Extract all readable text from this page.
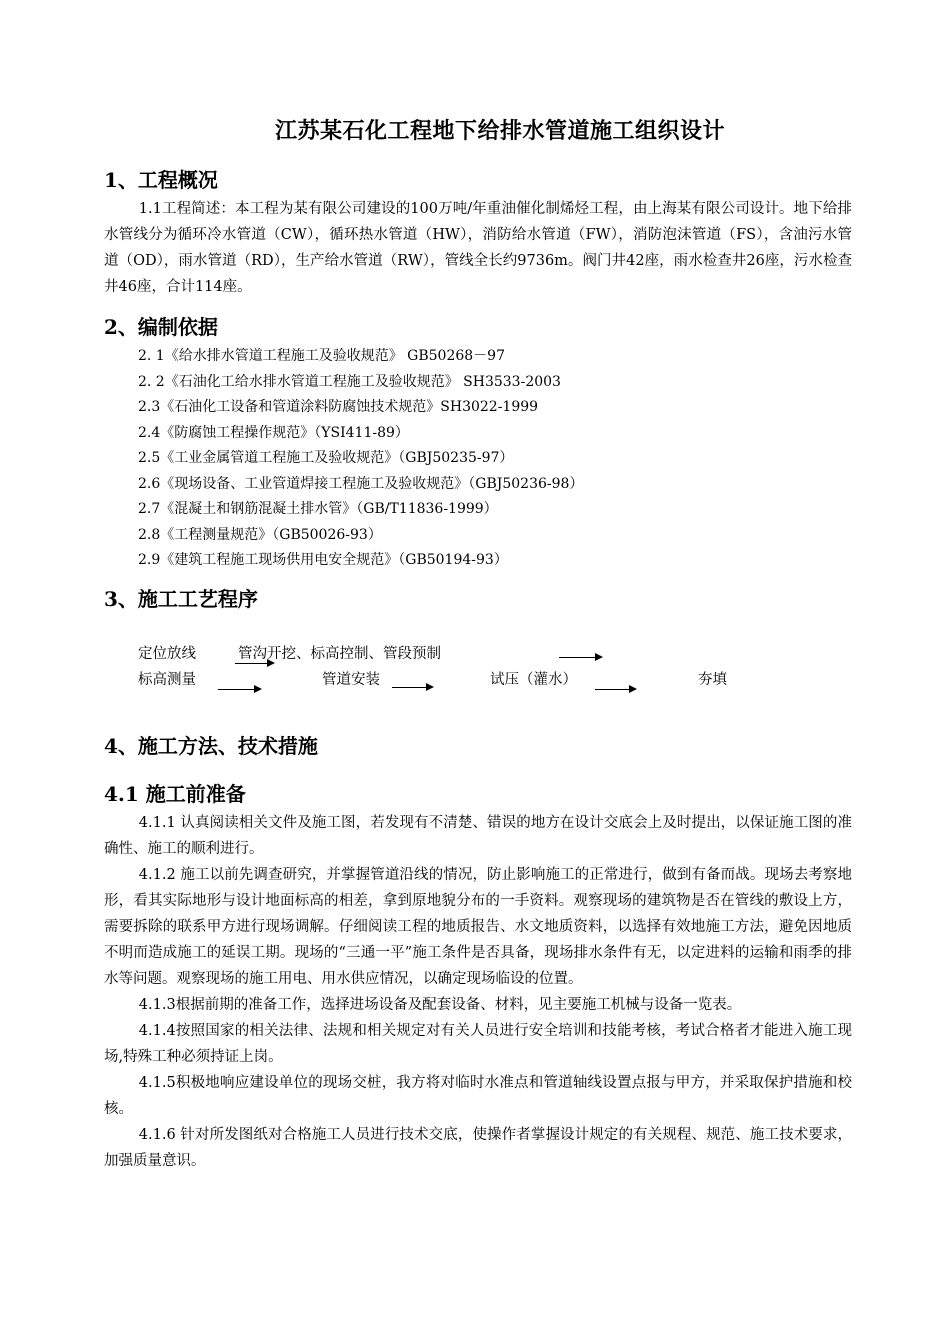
江苏某石化工程地下给排水管道施工组织设计
1、工程概况

1.1工程简述：本工程为某有限公司建设的100万吨/年重油催化制烯烃工程，由上海某有限公司设计。地下给排水管线分为循环冷水管道（CW），循环热水管道（HW），消防给水管道（FW），消防泡沫管道（FS），含油污水管道（OD），雨水管道（RD），生产给水管道（RW），管线全长约9736m。阀门井42座，雨水检查井26座，污水检查井46座，合计114座。

2、编制依据
2. 1《给水排水管道工程施工及验收规范》 GB50268－97
2. 2《石油化工给水排水管道工程施工及验收规范》 SH3533-2003
2.3《石油化工设备和管道涂料防腐蚀技术规范》SH3022-1999
2.4《防腐蚀工程操作规范》（YSI411-89）
2.5《工业金属管道工程施工及验收规范》（GBJ50235-97）
2.6《现场设备、工业管道焊接工程施工及验收规范》（GBJ50236-98）
2.7《混凝土和钢筋混凝土排水管》（GB/T11836-1999）
2.8《工程测量规范》（GB50026-93）
2.9《建筑工程施工现场供用电安全规范》（GB50194-93）
3、施工工艺程序
定位放线	管沟开挖、标高控制、管段预制
标高测量	管道安装	试压（灌水）	夯填
4、施工方法、技术措施
4.1 施工前准备

4.1.1 认真阅读相关文件及施工图，若发现有不清楚、错误的地方在设计交底会上及时提出，以保证施工图的准确性、施工的顺利进行。

4.1.2 施工以前先调查研究，并掌握管道沿线的情况，防止影响施工的正常进行，做到有备而战。现场去考察地形，看其实际地形与设计地面标高的相差，拿到原地貌分布的一手资料。观察现场的建筑物是否在管线的敷设上方，需要拆除的联系甲方进行现场调解。仔细阅读工程的地质报告、水文地质资料，以选择有效地施工方法，避免因地质不明而造成施工的延误工期。现场的“三通一平”施工条件是否具备，现场排水条件有无，以定进料的运输和雨季的排水等问题。观察现场的施工用电、用水供应情况，以确定现场临设的位置。

4.1.3根据前期的准备工作，选择进场设备及配套设备、材料，见主要施工机械与设备一览表。

4.1.4按照国家的相关法律、法规和相关规定对有关人员进行安全培训和技能考核，考试合格者才能进入施工现场,特殊工种必须持证上岗。

4.1.5积极地响应建设单位的现场交桩，我方将对临时水准点和管道轴线设置点报与甲方，并采取保护措施和校核。

4.1.6 针对所发图纸对合格施工人员进行技术交底，使操作者掌握设计规定的有关规程、规范、施工技术要求，加强质量意识。
